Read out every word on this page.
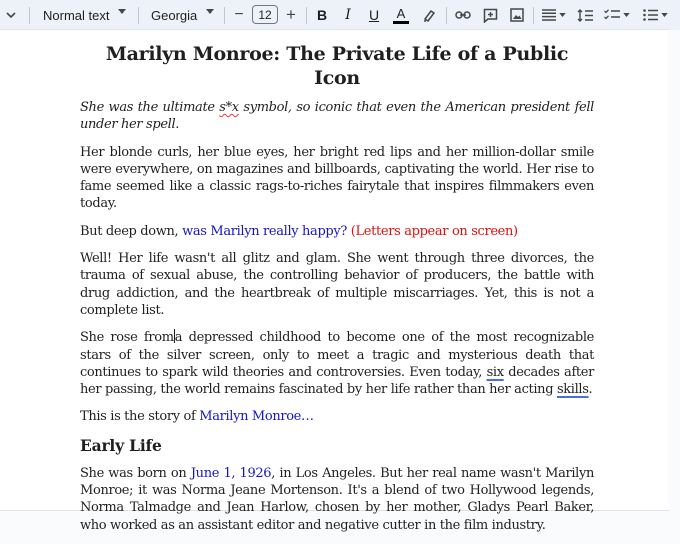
Normal text	Georgia −	12 +	B	I	U	A
Marilyn Monroe: The Private Life of a Public Icon

She was the ultimate s*x symbol, so iconic that even the American president fell under her spell.

Her blonde curls, her blue eyes, her bright red lips and her million-dollar smile were everywhere, on magazines and billboards, captivating the world. Her rise to fame seemed like a classic rags-to-riches fairytale that inspires filmmakers even today.

But deep down, was Marilyn really happy? (Letters appear on screen)

Well! Her life wasn't all glitz and glam. She went through three divorces, the trauma of sexual abuse, the controlling behavior of producers, the battle with drug addiction, and the heartbreak of multiple miscarriages. Yet, this is not a complete list.

She rose froma depressed childhood to become one of the most recognizable stars of the silver screen, only to meet a tragic and mysterious death that continues to spark wild theories and controversies. Even today, six decades after her passing, the world remains fascinated by her life rather than her acting skills.

This is the story of Marilyn Monroe…

Early Life

She was born on June 1, 1926, in Los Angeles. But her real name wasn't Marilyn Monroe; it was Norma Jeane Mortenson. It's a blend of two Hollywood legends, Norma Talmadge and Jean Harlow, chosen by her mother, Gladys Pearl Baker, who worked as an assistant editor and negative cutter in the film industry.
